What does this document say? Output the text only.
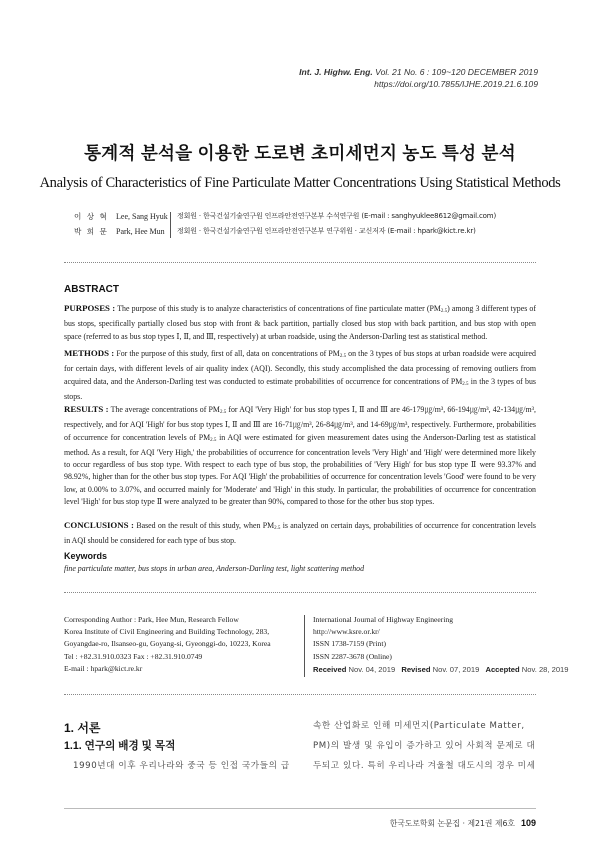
Int. J. Highw. Eng. Vol. 21 No. 6 : 109~120 DECEMBER 2019
https://doi.org/10.7855/IJHE.2019.21.6.109
통계적 분석을 이용한 도로변 초미세먼지 농도 특성 분석
Analysis of Characteristics of Fine Particulate Matter Concentrations Using Statistical Methods
이 상 혁 Lee, Sang Hyuk 정회원 · 한국건설기술연구원 인프라안전연구본부 수석연구원 (E-mail : sanghyuklee8612@gmail.com)
박 희 문 Park, Hee Mun 정회원 · 한국건설기술연구원 인프라안전연구본부 연구위원 · 교신저자 (E-mail : hpark@kict.re.kr)
ABSTRACT
PURPOSES : The purpose of this study is to analyze characteristics of concentrations of fine particulate matter $(PM_{2.5})$ among 3 different types of bus stops, specifically partially closed bus stop with front & back partition, partially closed bus stop with back partition, and bus stop with open space (referred to as bus stop types Ⅰ, Ⅱ, and Ⅲ, respectively) at urban roadside, using the Anderson-Darling test as statistical method.
METHODS : For the purpose of this study, first of all, data on concentrations of $PM_{2.5}$ on the 3 types of bus stops at urban roadside were acquired for certain days, with different levels of air quality index (AQI). Secondly, this study accomplished the data processing of removing outliers from acquired data, and the Anderson-Darling test was conducted to estimate probabilities of occurrence for concentrations of $PM_{2.5}$ in the 3 types of bus stops.
RESULTS : The average concentrations of $PM_{2.5}$ for AQI 'Very High' for bus stop types Ⅰ, Ⅱ and Ⅲ are 46-179㎍/m³, 66-194㎍/m³, 42-134㎍/m³, respectively, and for AQI 'High' for bus stop types Ⅰ, Ⅱ and Ⅲ are 16-71㎍/m³, 26-84㎍/m³, and 14-69㎍/m³, respectively. Furthermore, probabilities of occurrence for concentration levels of $PM_{2.5}$ in AQI were estimated for given measurement dates using the Anderson-Darling test as statistical method. As a result, for AQI 'Very High,' the probabilities of occurrence for concentration levels 'Very High' and 'High' were determined more likely to occur regardless of bus stop type. With respect to each type of bus stop, the probabilities of 'Very High' for bus stop type Ⅱ were 93.37% and 98.92%, higher than for the other bus stop types. For AQI 'High' the probabilities of occurrence for concentration levels 'Good' were found to be very low, at 0.00% to 3.07%, and occurred mainly for 'Moderate' and 'High' in this study. In particular, the probabilities of occurrence for concentration level 'High' for bus stop type Ⅱ were analyzed to be greater than 90%, compared to those for the other bus stop types.
CONCLUSIONS : Based on the result of this study, when $PM_{2.5}$ is analyzed on certain days, probabilities of occurrence for concentration levels in AQI should be considered for each type of bus stop.
Keywords
fine particulate matter, bus stops in urban area, Anderson-Darling test, light scattering method
Corresponding Author : Park, Hee Mun, Research Fellow
Korea Institute of Civil Engineering and Building Technology, 283,
Goyangdae-ro, Ilsanseo-gu, Goyang-si, Gyeonggi-do, 10223, Korea
Tel : +82.31.910.0323 Fax : +82.31.910.0749
E-mail : hpark@kict.re.kr
International Journal of Highway Engineering
http://www.ksre.or.kr/
ISSN 1738-7159 (Print)
ISSN 2287-3678 (Online)
Received Nov. 04, 2019 Revised Nov. 07, 2019 Accepted Nov. 28, 2019
1. 서론
1.1. 연구의 배경 및 목적
1990년대 이후 우리나라와 중국 등 인접 국가들의 급
속한 산업화로 인해 미세먼지(Particulate Matter,
PM)의 발생 및 유입이 증가하고 있어 사회적 문제로 대
두되고 있다. 특히 우리나라 겨울철 대도시의 경우 미세
한국도로학회 논문집 · 제21권 제6호 109
